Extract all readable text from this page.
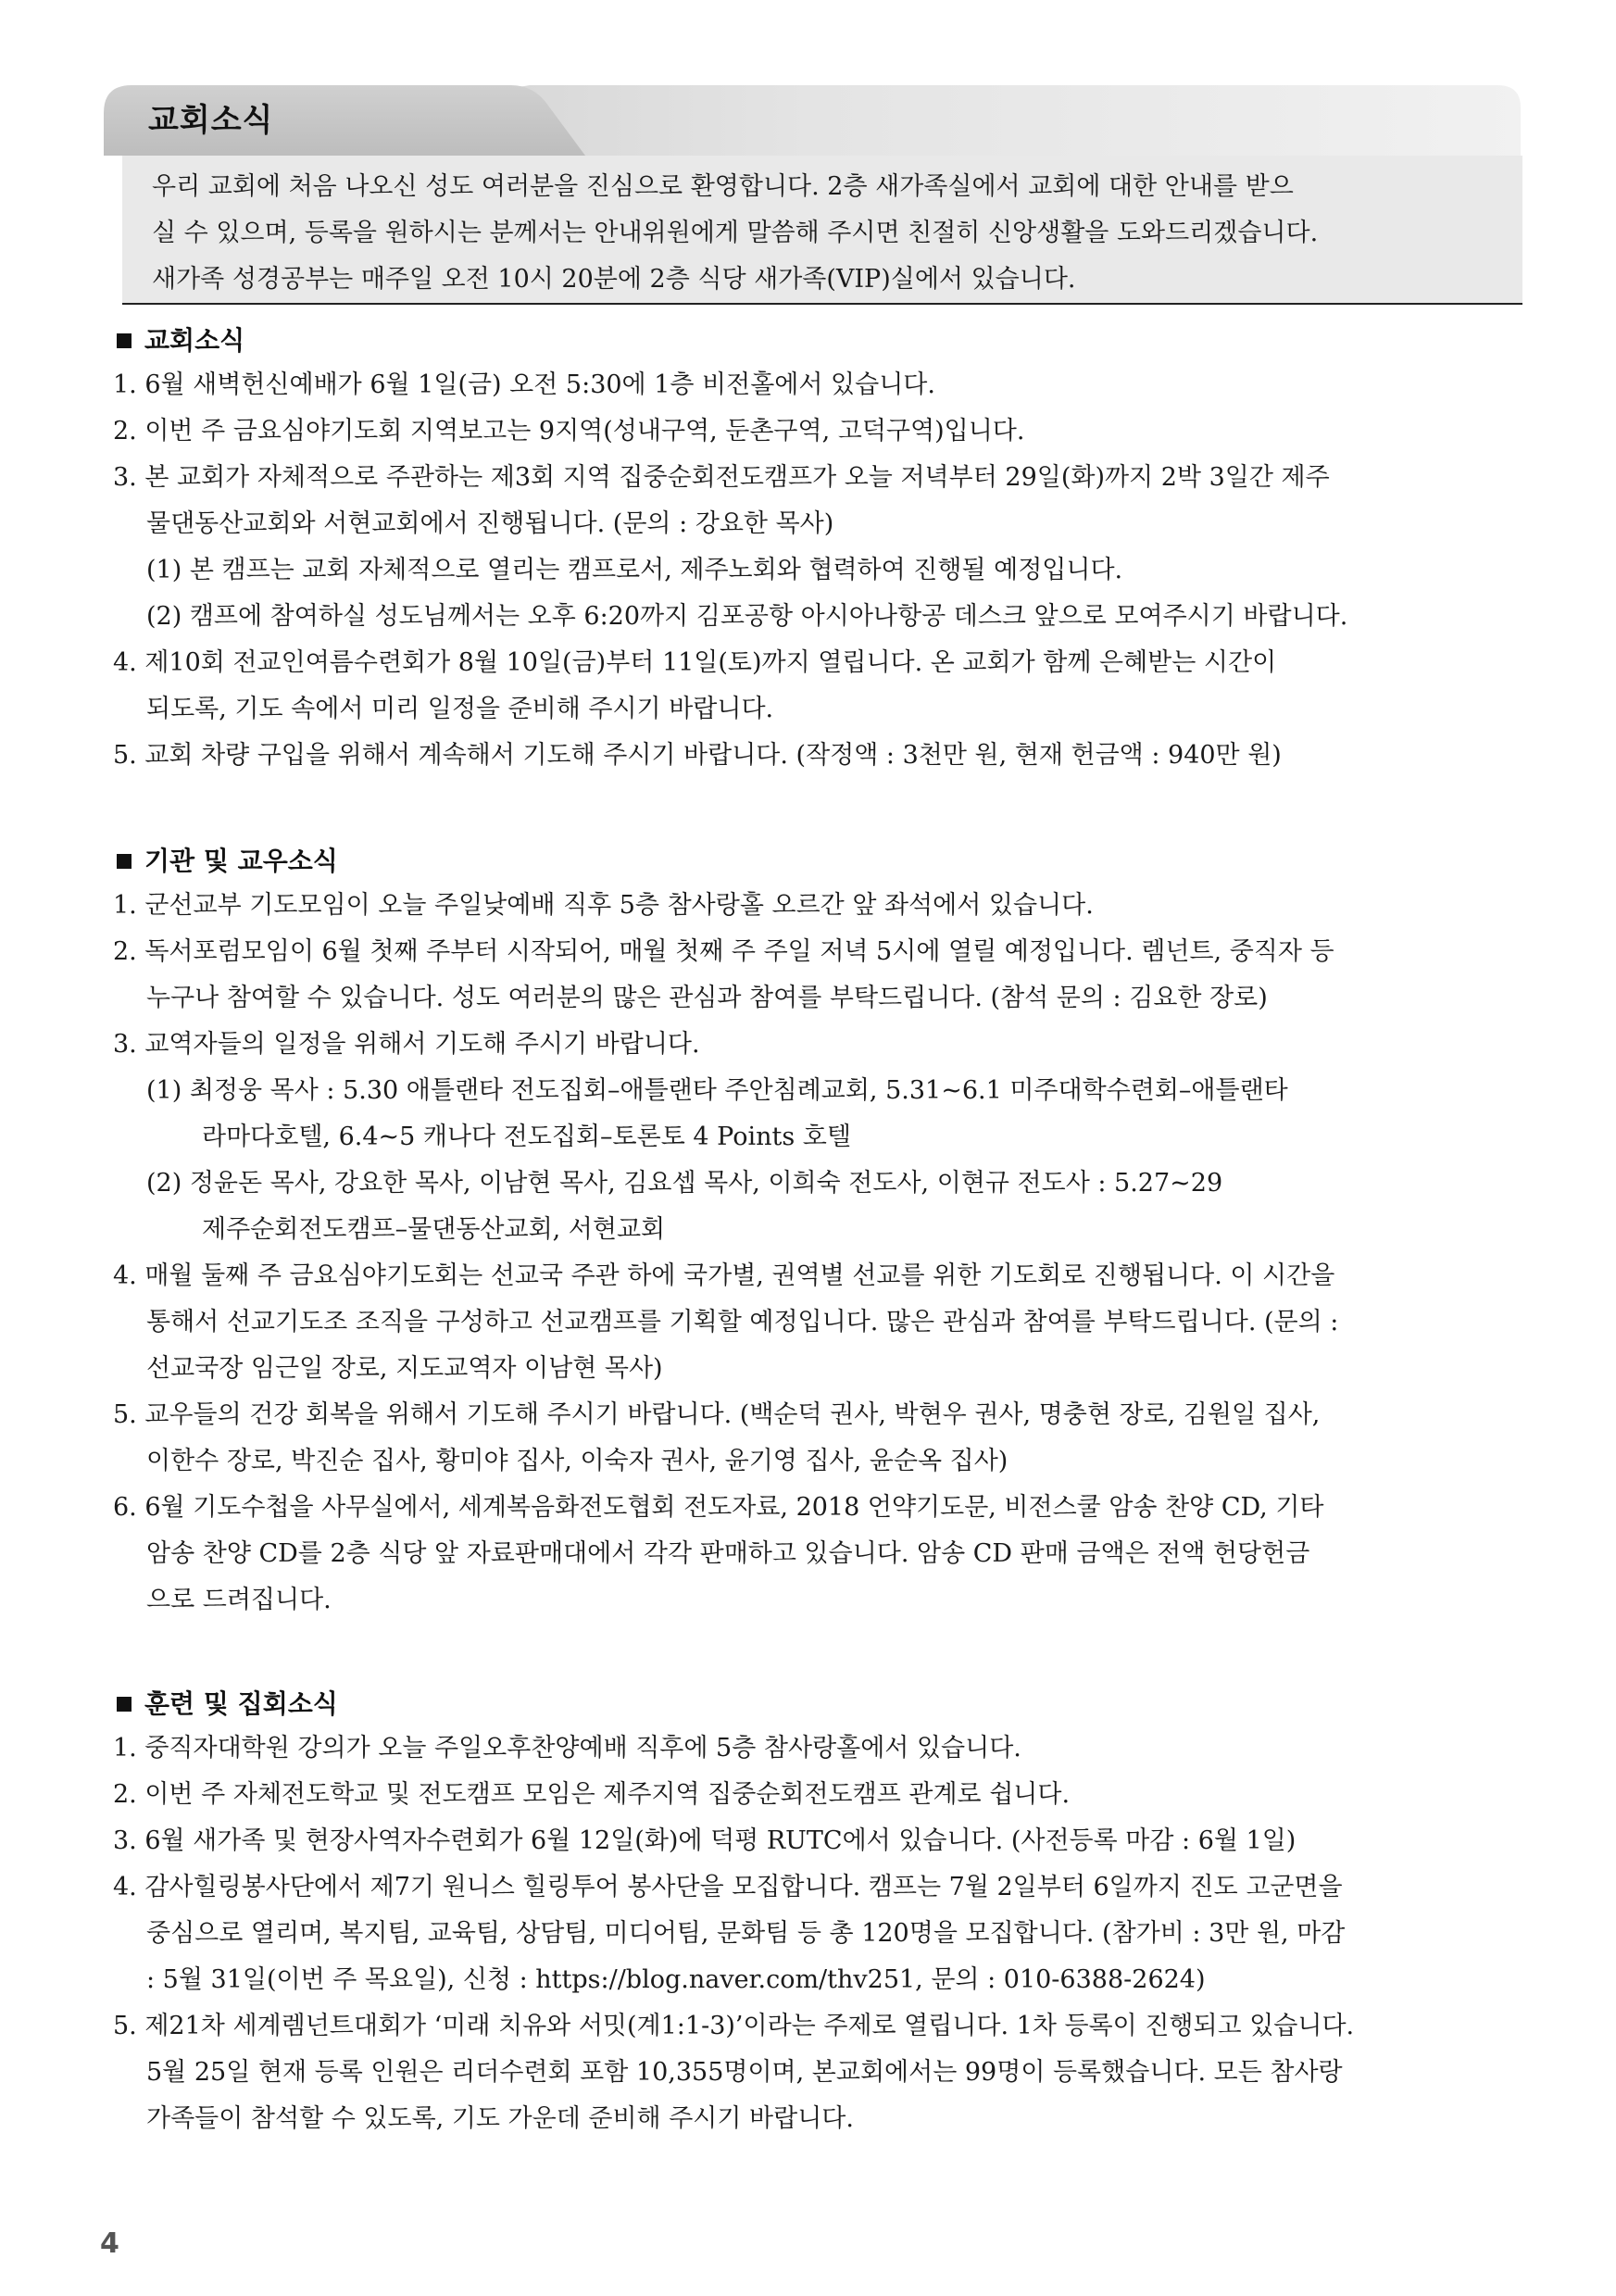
교회소식

우리 교회에 처음 나오신 성도 여러분을 진심으로 환영합니다. 2층 새가족실에서 교회에 대한 안내를 받으

실 수 있으며, 등록을 원하시는 분께서는 안내위원에게 말씀해 주시면 친절히 신앙생활을 도와드리겠습니다.

새가족 성경공부는 매주일 오전 10시 20분에 2층 식당 새가족(VIP)실에서 있습니다.

교회소식
1. 6월 새벽헌신예배가 6월 1일(금) 오전 5:30에 1층 비전홀에서 있습니다.
2. 이번 주 금요심야기도회 지역보고는 9지역(성내구역, 둔촌구역, 고덕구역)입니다.
3. 본 교회가 자체적으로 주관하는 제3회 지역 집중순회전도캠프가 오늘 저녁부터 29일(화)까지 2박 3일간 제주
물댄동산교회와 서현교회에서 진행됩니다. (문의 : 강요한 목사)
(1) 본 캠프는 교회 자체적으로 열리는 캠프로서, 제주노회와 협력하여 진행될 예정입니다.
(2) 캠프에 참여하실 성도님께서는 오후 6:20까지 김포공항 아시아나항공 데스크 앞으로 모여주시기 바랍니다.
4. 제10회 전교인여름수련회가 8월 10일(금)부터 11일(토)까지 열립니다. 온 교회가 함께 은혜받는 시간이
되도록, 기도 속에서 미리 일정을 준비해 주시기 바랍니다.
5. 교회 차량 구입을 위해서 계속해서 기도해 주시기 바랍니다. (작정액 : 3천만 원, 현재 헌금액 : 940만 원)
기관 및 교우소식
1. 군선교부 기도모임이 오늘 주일낮예배 직후 5층 참사랑홀 오르간 앞 좌석에서 있습니다.
2. 독서포럼모임이 6월 첫째 주부터 시작되어, 매월 첫째 주 주일 저녁 5시에 열릴 예정입니다. 렘넌트, 중직자 등
누구나 참여할 수 있습니다. 성도 여러분의 많은 관심과 참여를 부탁드립니다. (참석 문의 : 김요한 장로)
3. 교역자들의 일정을 위해서 기도해 주시기 바랍니다.
(1) 최정웅 목사 : 5.30 애틀랜타 전도집회–애틀랜타 주안침례교회, 5.31~6.1 미주대학수련회–애틀랜타
라마다호텔, 6.4~5 캐나다 전도집회–토론토 4 Points 호텔
(2) 정윤돈 목사, 강요한 목사, 이남현 목사, 김요셉 목사, 이희숙 전도사, 이현규 전도사 : 5.27~29
제주순회전도캠프–물댄동산교회, 서현교회
4. 매월 둘째 주 금요심야기도회는 선교국 주관 하에 국가별, 권역별 선교를 위한 기도회로 진행됩니다. 이 시간을
통해서 선교기도조 조직을 구성하고 선교캠프를 기획할 예정입니다. 많은 관심과 참여를 부탁드립니다. (문의 :
선교국장 임근일 장로, 지도교역자 이남현 목사)
5. 교우들의 건강 회복을 위해서 기도해 주시기 바랍니다. (백순덕 권사, 박현우 권사, 명충현 장로, 김원일 집사,
이한수 장로, 박진순 집사, 황미야 집사, 이숙자 권사, 윤기영 집사, 윤순옥 집사)
6. 6월 기도수첩을 사무실에서, 세계복음화전도협회 전도자료, 2018 언약기도문, 비전스쿨 암송 찬양 CD, 기타
암송 찬양 CD를 2층 식당 앞 자료판매대에서 각각 판매하고 있습니다. 암송 CD 판매 금액은 전액 헌당헌금
으로 드려집니다.
훈련 및 집회소식
1. 중직자대학원 강의가 오늘 주일오후찬양예배 직후에 5층 참사랑홀에서 있습니다.
2. 이번 주 자체전도학교 및 전도캠프 모임은 제주지역 집중순회전도캠프 관계로 쉽니다.
3. 6월 새가족 및 현장사역자수련회가 6월 12일(화)에 덕평 RUTC에서 있습니다. (사전등록 마감 : 6월 1일)
4. 감사힐링봉사단에서 제7기 원니스 힐링투어 봉사단을 모집합니다. 캠프는 7월 2일부터 6일까지 진도 고군면을
중심으로 열리며, 복지팀, 교육팀, 상담팀, 미디어팀, 문화팀 등 총 120명을 모집합니다. (참가비 : 3만 원, 마감
: 5월 31일(이번 주 목요일), 신청 : https://blog.naver.com/thv251, 문의 : 010-6388-2624)
5. 제21차 세계렘넌트대회가 ‘미래 치유와 서밋(계1:1-3)’이라는 주제로 열립니다. 1차 등록이 진행되고 있습니다.
5월 25일 현재 등록 인원은 리더수련회 포함 10,355명이며, 본교회에서는 99명이 등록했습니다. 모든 참사랑
가족들이 참석할 수 있도록, 기도 가운데 준비해 주시기 바랍니다.
4
